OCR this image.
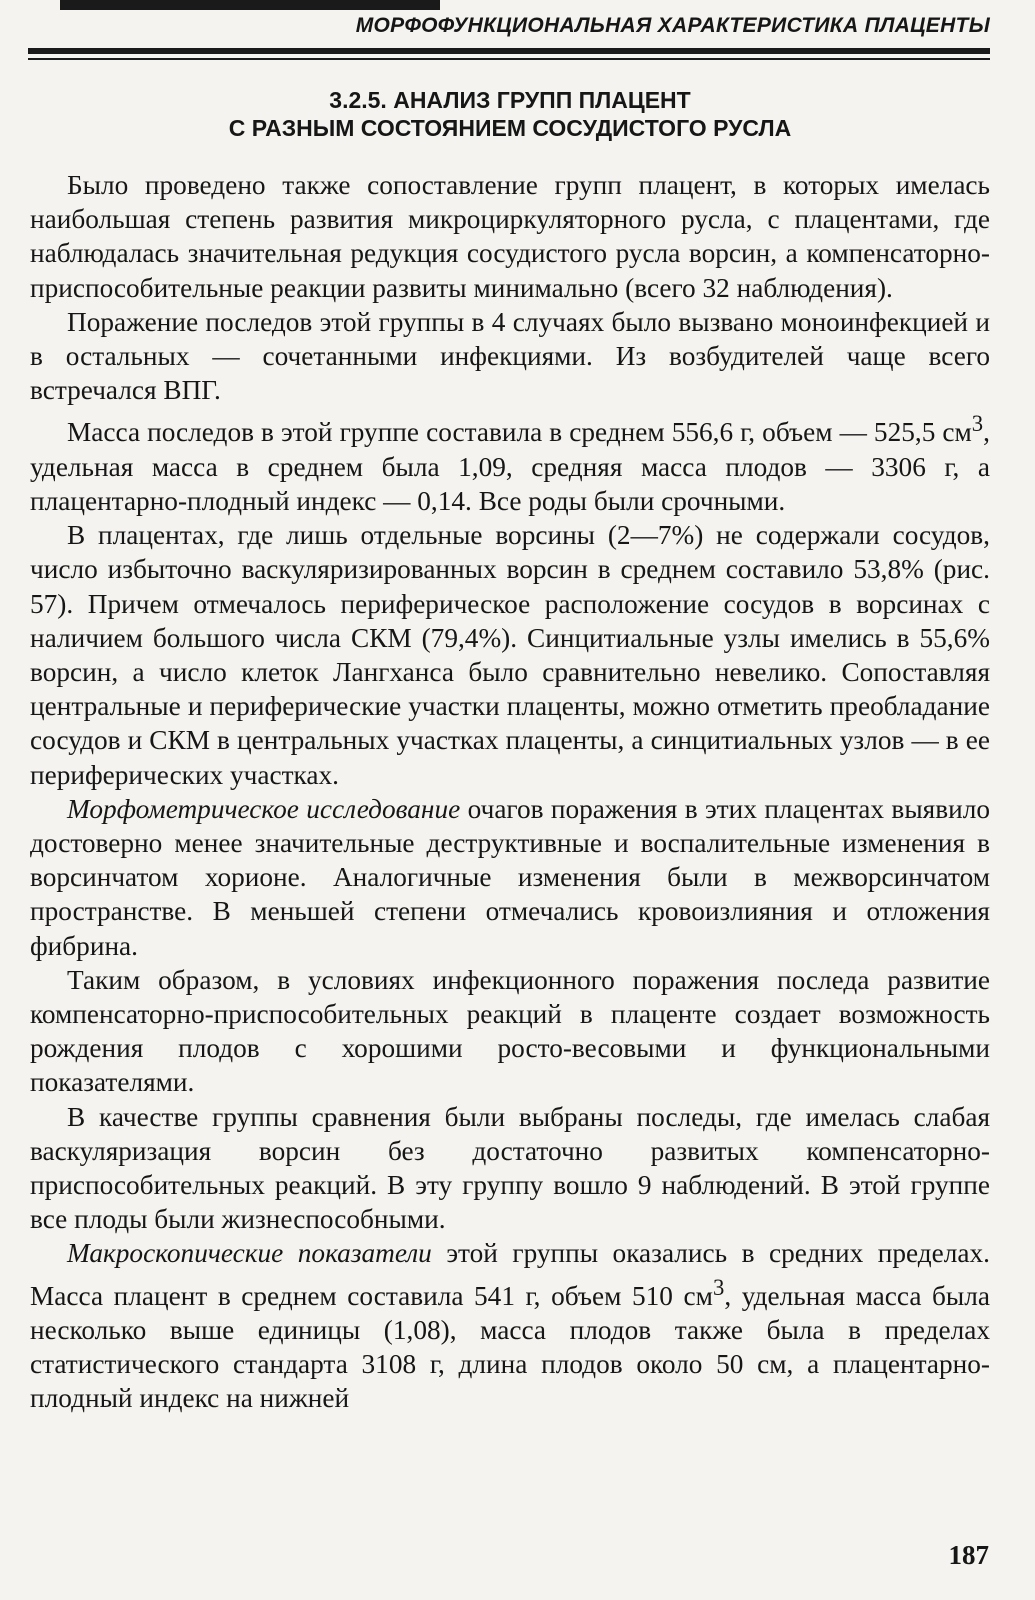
МОРФОФУНКЦИОНАЛЬНАЯ ХАРАКТЕРИСТИКА ПЛАЦЕНТЫ
3.2.5. АНАЛИЗ ГРУПП ПЛАЦЕНТ
С РАЗНЫМ СОСТОЯНИЕМ СОСУДИСТОГО РУСЛА

Было проведено также сопоставление групп плацент, в которых имелась наибольшая степень развития микроциркуляторного русла, с плацентами, где наблюдалась значительная редукция сосудистого русла ворсин, а компенсаторно-приспособительные реакции развиты минимально (всего 32 наблюдения).

Поражение последов этой группы в 4 случаях было вызвано моноинфекцией и в остальных — сочетанными инфекциями. Из возбудителей чаще всего встречался ВПГ.

Масса последов в этой группе составила в среднем 556,6 г, объем — 525,5 $см^3$, удельная масса в среднем была 1,09, средняя масса плодов — 3306 г, а плацентарно-плодный индекс — 0,14. Все роды были срочными.

В плацентах, где лишь отдельные ворсины (2—7%) не содержали сосудов, число избыточно васкуляризированных ворсин в среднем составило 53,8% (рис. 57). Причем отмечалось периферическое расположение сосудов в ворсинах с наличием большого числа СКМ (79,4%). Синцитиальные узлы имелись в 55,6% ворсин, а число клеток Лангханса было сравнительно невелико. Сопоставляя центральные и периферические участки плаценты, можно отметить преобладание сосудов и СКМ в центральных участках плаценты, а синцитиальных узлов — в ее периферических участках.

Морфометрическое исследование очагов поражения в этих плацентах выявило достоверно менее значительные деструктивные и воспалительные изменения в ворсинчатом хорионе. Аналогичные изменения были в межворсинчатом пространстве. В меньшей степени отмечались кровоизлияния и отложения фибрина.

Таким образом, в условиях инфекционного поражения последа развитие компенсаторно-приспособительных реакций в плаценте создает возможность рождения плодов с хорошими росто-весовыми и функциональными показателями.

В качестве группы сравнения были выбраны последы, где имелась слабая васкуляризация ворсин без достаточно развитых компенсаторно-приспособительных реакций. В эту группу вошло 9 наблюдений. В этой группе все плоды были жизнеспособными.

Макроскопические показатели этой группы оказались в средних пределах. Масса плацент в среднем составила 541 г, объем 510 $см^3$, удельная масса была несколько выше единицы (1,08), масса плодов также была в пределах статистического стандарта 3108 г, длина плодов около 50 см, а плацентарно-плодный индекс на нижней

187
